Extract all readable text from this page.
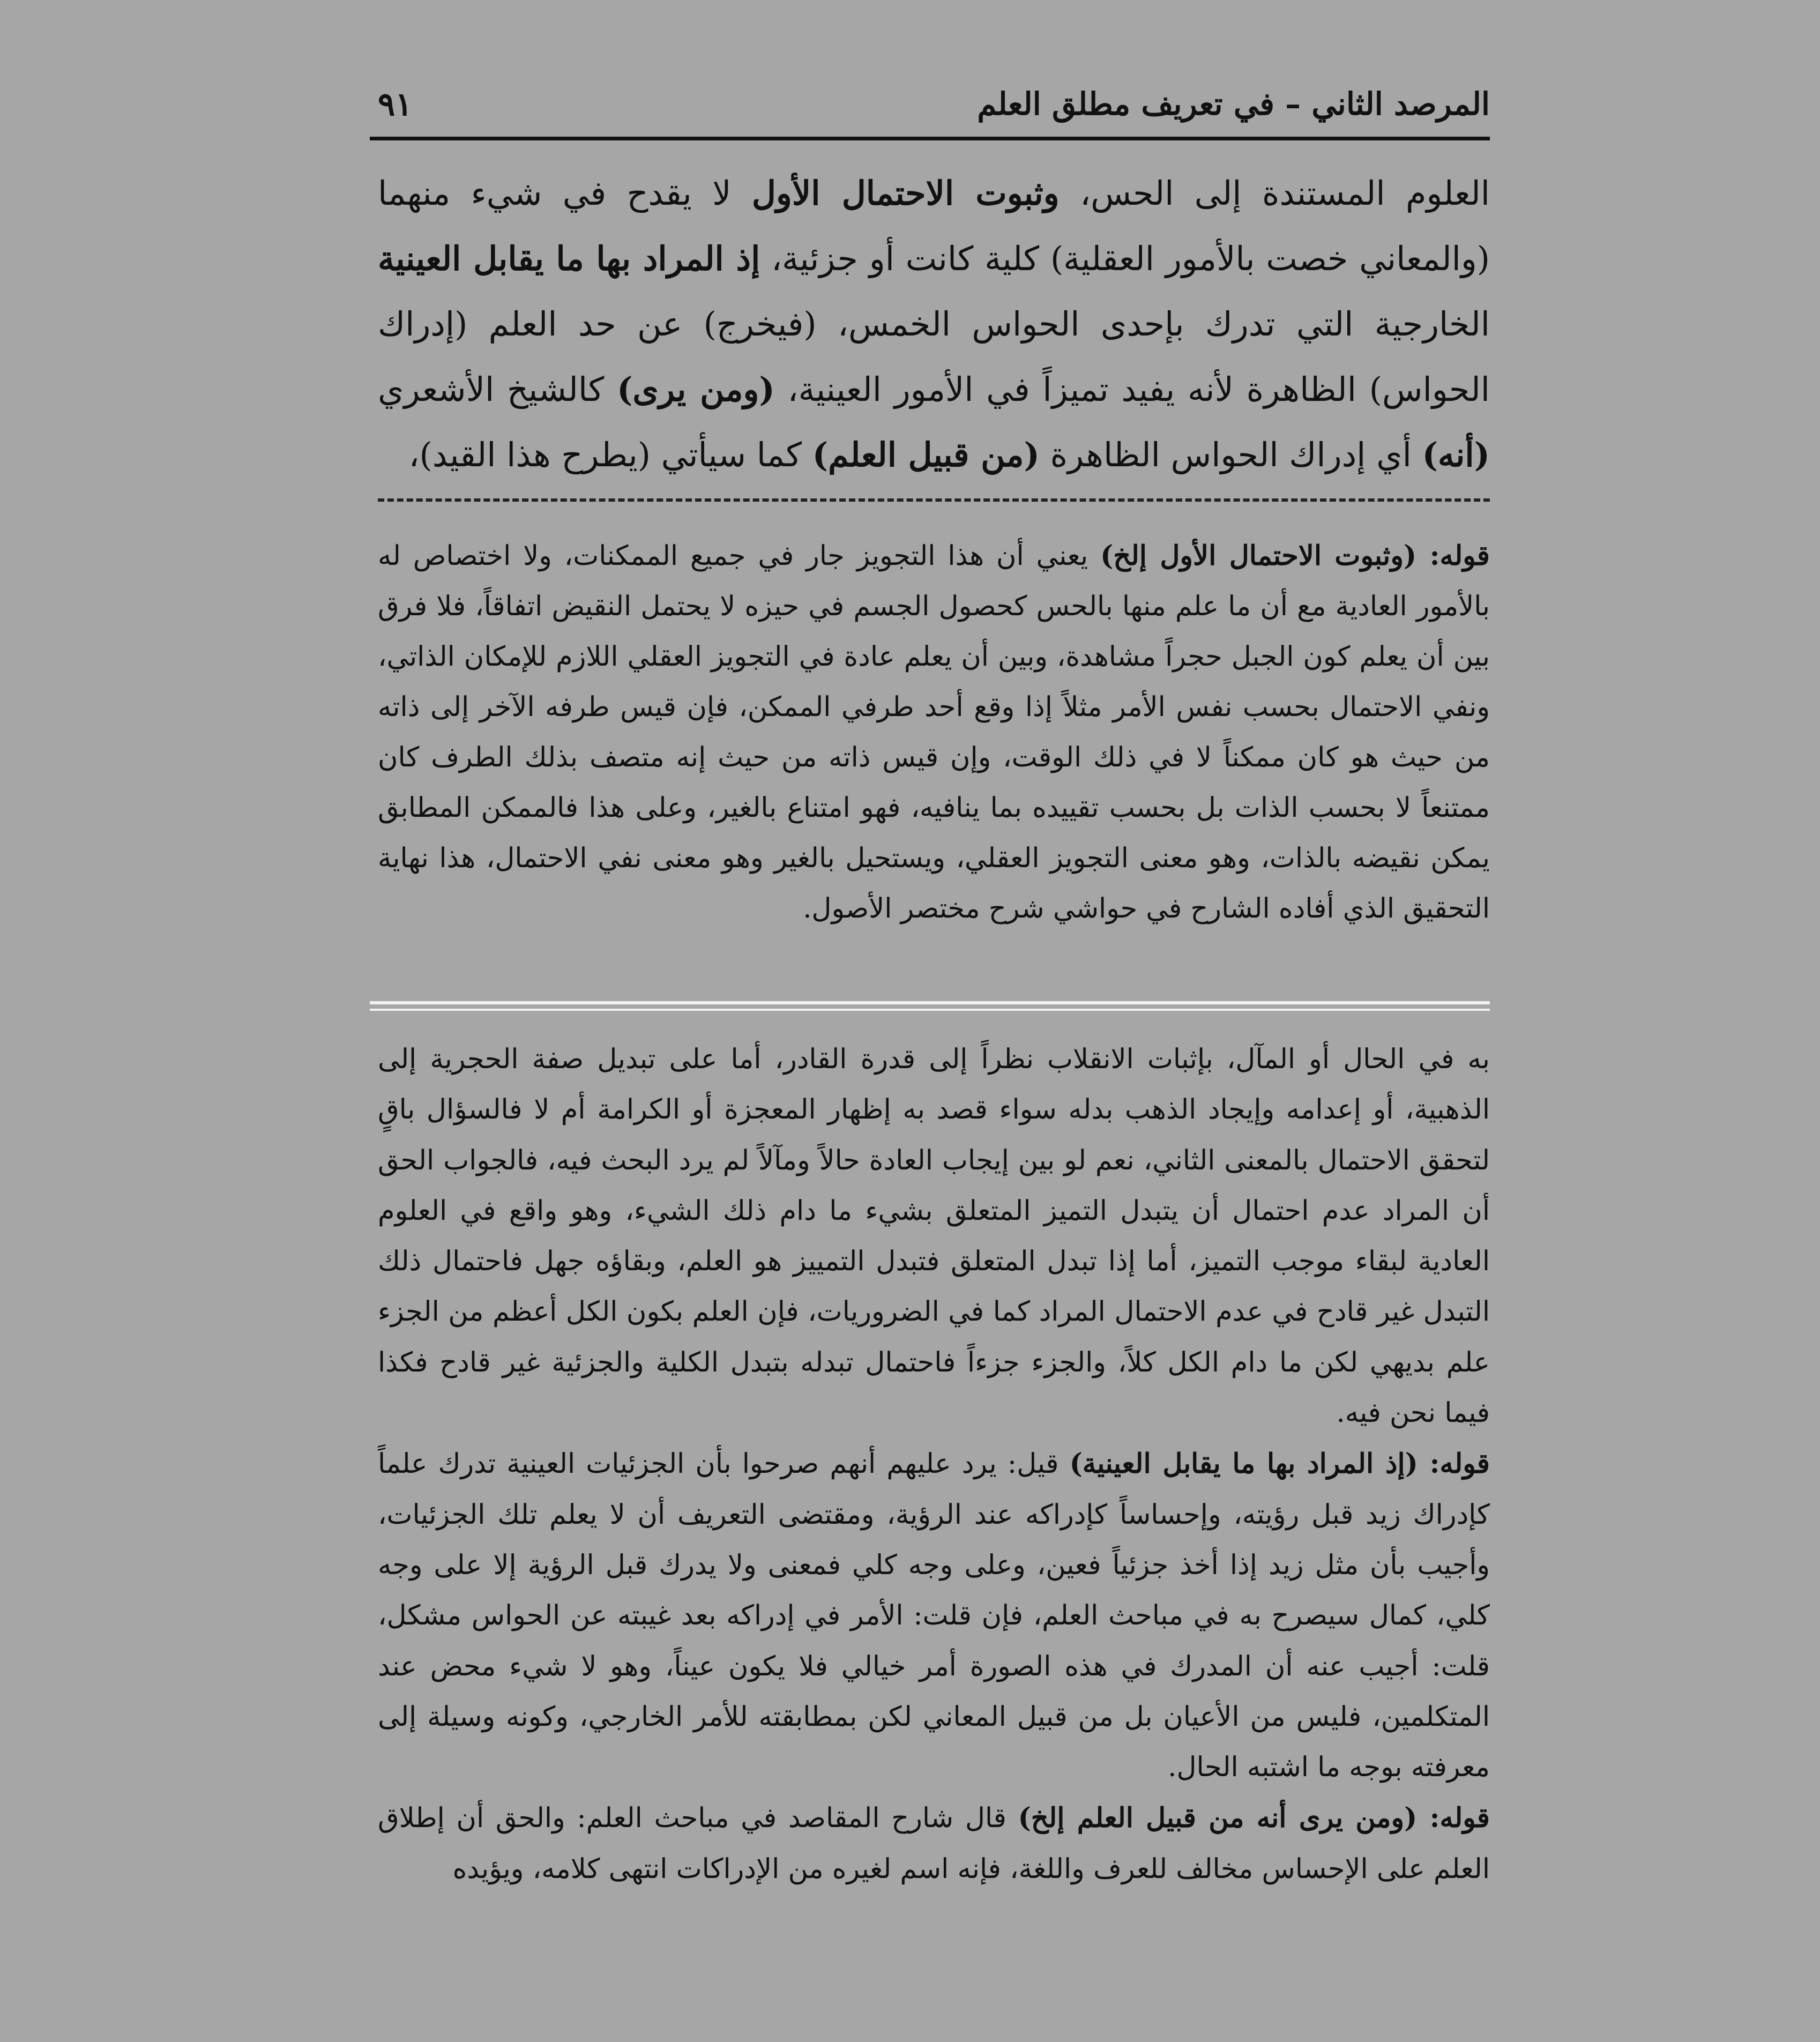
المرصد الثاني – في تعريف مطلق العلم
٩١

العلوم المستندة إلى الحس، وثبوت الاحتمال الأول لا يقدح في شيء منهما (والمعاني خصت بالأمور العقلية) كلية كانت أو جزئية، إذ المراد بها ما يقابل العينية الخارجية التي تدرك بإحدى الحواس الخمس، (فيخرج) عن حد العلم (إدراك الحواس) الظاهرة لأنه يفيد تميزاً في الأمور العينية، (ومن يرى) كالشيخ الأشعري (أنه) أي إدراك الحواس الظاهرة (من قبيل العلم) كما سيأتي (يطرح هذا القيد)،

قوله: (وثبوت الاحتمال الأول إلخ) يعني أن هذا التجويز جار في جميع الممكنات، ولا اختصاص له بالأمور العادية مع أن ما علم منها بالحس كحصول الجسم في حيزه لا يحتمل النقيض اتفاقاً، فلا فرق بين أن يعلم كون الجبل حجراً مشاهدة، وبين أن يعلم عادة في التجويز العقلي اللازم للإمكان الذاتي، ونفي الاحتمال بحسب نفس الأمر مثلاً إذا وقع أحد طرفي الممكن، فإن قيس طرفه الآخر إلى ذاته من حيث هو كان ممكناً لا في ذلك الوقت، وإن قيس ذاته من حيث إنه متصف بذلك الطرف كان ممتنعاً لا بحسب الذات بل بحسب تقييده بما ينافيه، فهو امتناع بالغير، وعلى هذا فالممكن المطابق يمكن نقيضه بالذات، وهو معنى التجويز العقلي، ويستحيل بالغير وهو معنى نفي الاحتمال، هذا نهاية التحقيق الذي أفاده الشارح في حواشي شرح مختصر الأصول.

به في الحال أو المآل، بإثبات الانقلاب نظراً إلى قدرة القادر، أما على تبديل صفة الحجرية إلى الذهبية، أو إعدامه وإيجاد الذهب بدله سواء قصد به إظهار المعجزة أو الكرامة أم لا فالسؤال باقٍ لتحقق الاحتمال بالمعنى الثاني، نعم لو بين إيجاب العادة حالاً ومآلاً لم يرد البحث فيه، فالجواب الحق أن المراد عدم احتمال أن يتبدل التميز المتعلق بشيء ما دام ذلك الشيء، وهو واقع في العلوم العادية لبقاء موجب التميز، أما إذا تبدل المتعلق فتبدل التمييز هو العلم، وبقاؤه جهل فاحتمال ذلك التبدل غير قادح في عدم الاحتمال المراد كما في الضروريات، فإن العلم بكون الكل أعظم من الجزء علم بديهي لكن ما دام الكل كلاً، والجزء جزءاً فاحتمال تبدله بتبدل الكلية والجزئية غير قادح فكذا فيما نحن فيه.

قوله: (إذ المراد بها ما يقابل العينية) قيل: يرد عليهم أنهم صرحوا بأن الجزئيات العينية تدرك علماً كإدراك زيد قبل رؤيته، وإحساساً كإدراكه عند الرؤية، ومقتضى التعريف أن لا يعلم تلك الجزئيات، وأجيب بأن مثل زيد إذا أخذ جزئياً فعين، وعلى وجه كلي فمعنى ولا يدرك قبل الرؤية إلا على وجه كلي، كمال سيصرح به في مباحث العلم، فإن قلت: الأمر في إدراكه بعد غيبته عن الحواس مشكل، قلت: أجيب عنه أن المدرك في هذه الصورة أمر خيالي فلا يكون عيناً، وهو لا شيء محض عند المتكلمين، فليس من الأعيان بل من قبيل المعاني لكن بمطابقته للأمر الخارجي، وكونه وسيلة إلى معرفته بوجه ما اشتبه الحال.

قوله: (ومن يرى أنه من قبيل العلم إلخ) قال شارح المقاصد في مباحث العلم: والحق أن إطلاق العلم على الإحساس مخالف للعرف واللغة، فإنه اسم لغيره من الإدراكات انتهى كلامه، ويؤيده
